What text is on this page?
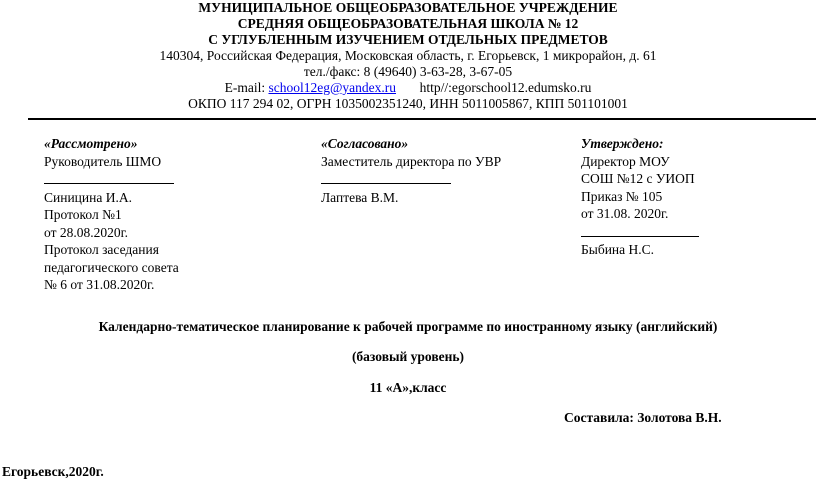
МУНИЦИПАЛЬНОЕ ОБЩЕОБРАЗОВАТЕЛЬНОЕ УЧРЕЖДЕНИЕ
СРЕДНЯЯ ОБЩЕОБРАЗОВАТЕЛЬНАЯ ШКОЛА № 12
С УГЛУБЛЕННЫМ ИЗУЧЕНИЕМ ОТДЕЛЬНЫХ ПРЕДМЕТОВ
140304, Российская Федерация, Московская область, г. Егорьевск, 1 микрорайон, д. 61
тел./факс: 8 (49640) 3-63-28, 3-67-05
E-mail: school12eg@yandex.ru http//:egorschool12.edumsko.ru
ОКПО 117 294 02, ОГРН 1035002351240, ИНН 5011005867, КПП 501101001
«Рассмотрено»
Руководитель ШМО
Синицина И.А.
Протокол №1
от 28.08.2020г.
Протокол заседания
педагогического совета
№ 6 от 31.08.2020г.
«Согласовано»
Заместитель директора по УВР
Лаптева В.М.
Утверждено:
Директор МОУ
СОШ №12 с УИОП
Приказ № 105
от 31.08. 2020г.
Быбина Н.С.
Календарно-тематическое планирование к рабочей программе по иностранному языку (английский)
(базовый уровень)
11 «А»,класс
Составила: Золотова В.Н.
Егорьевск,2020г.
